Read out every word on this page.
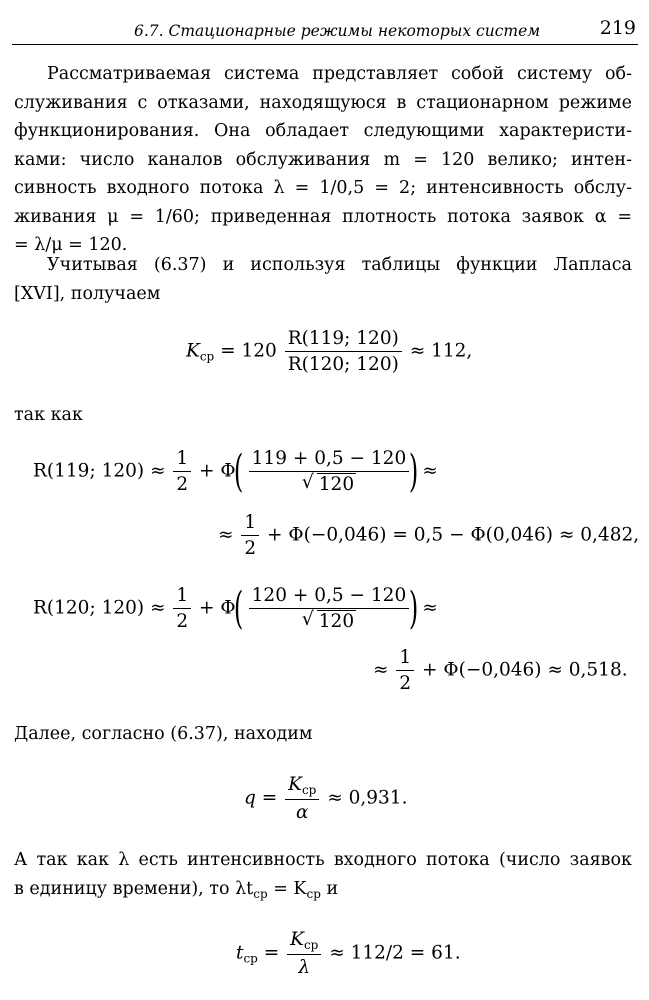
6.7. Стационарные режимы некоторых систем	219
Рассматриваемая система представляет собой систему об-
служивания с отказами, находящуюся в стационарном режиме
функционирования. Она обладает следующими характеристи-
ками: число каналов обслуживания m = 120 велико; интен-
сивность входного потока λ = 1/0,5 = 2; интенсивность обслу-
живания μ = 1/60; приведенная плотность потока заявок α =
= λ/μ = 120.
Учитывая (6.37) и используя таблицы функции Лапласа
[XVI], получаем
$K_{ср} = 120 \frac{R(119; 120)}{R(120; 120)} \approx 112$,
так как
R(119; $120) \approx \frac{1}{2} + \Phi( \frac{119 + 0,5 - 120}{√ 120}$ ) ≈
≈ $\frac{1}{2} + \Phi(-0,046) = 0,5 - \Phi(0,046) \approx 0,482$,
R(120; $120) \approx \frac{1}{2} + \Phi( \frac{120 + 0,5 - 120}{√ 120}$ ) ≈
≈ $\frac{1}{2} + \Phi(-0,046) \approx 0,518$.
Далее, согласно (6.37), находим
$q = \frac{K_{ср}}{\alpha} \approx 0,931$.
А так как λ есть интенсивность входного потока (число заявок
в единицу времени), то $\lambda t_{ср} = K_{ср}$ и
$t_{ср} = \frac{K_{ср}}{\lambda} \approx 112/2 = 61$.
